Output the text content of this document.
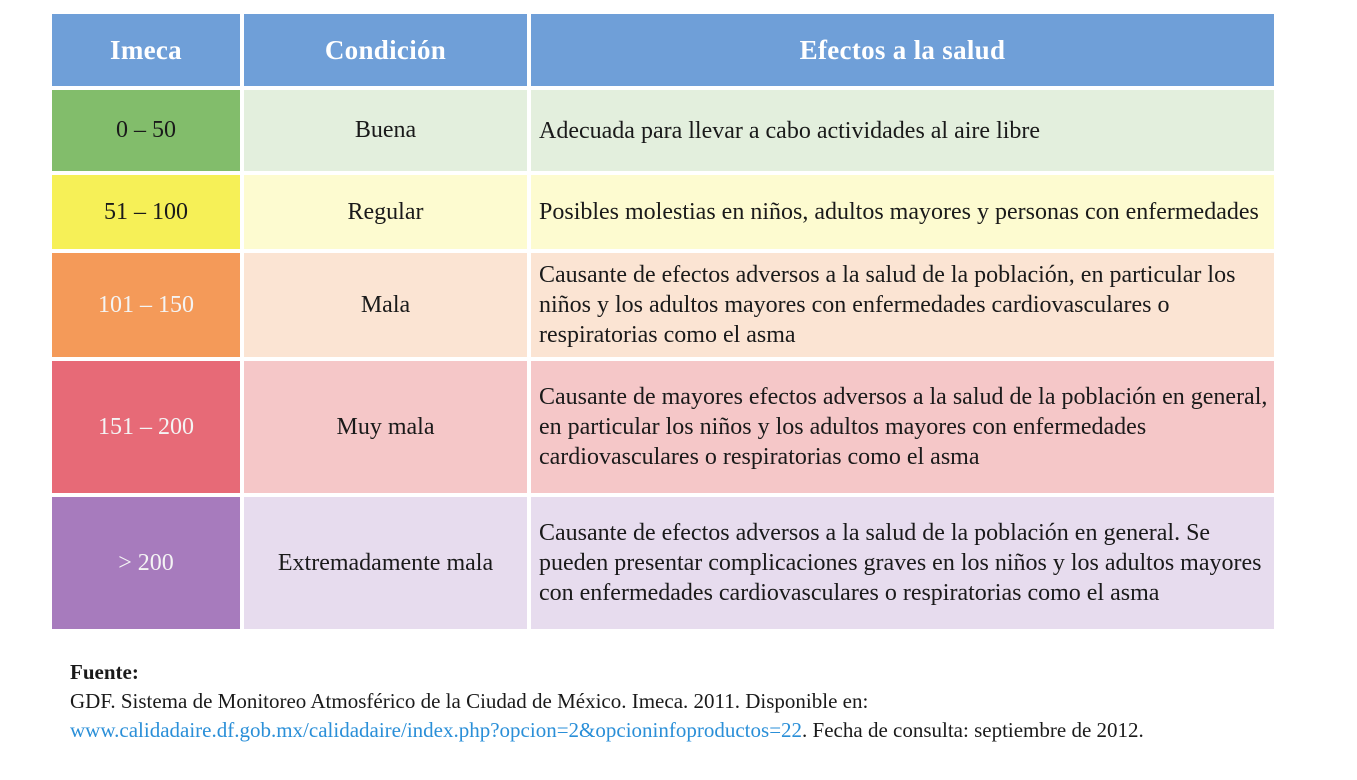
Imeca	Condición	Efectos a la salud
0 – 50	Buena	Adecuada para llevar a cabo actividades al aire libre
51 – 100	Regular	Posibles molestias en niños, adultos mayores y personas con enfermedades
101 – 150	Mala	Causante de efectos adversos a la salud de la población, en particular los niños y los adultos mayores con enfermedades cardiovasculares o respiratorias como el asma
151 – 200	Muy mala	Causante de mayores efectos adversos a la salud de la población en general, en particular los niños y los adultos mayores con enfermedades cardiovasculares o respiratorias como el asma
> 200	Extremadamente mala	Causante de efectos adversos a la salud de la población en general. Se pueden presentar complicaciones graves en los niños y los adultos mayores con enfermedades cardiovasculares o respiratorias como el asma
Fuente:
GDF. Sistema de Monitoreo Atmosférico de la Ciudad de México. Imeca. 2011. Disponible en: www.calidadaire.df.gob.mx/calidadaire/index.php?opcion=2&opcioninfoproductos=22. Fecha de consulta: septiembre de 2012.
